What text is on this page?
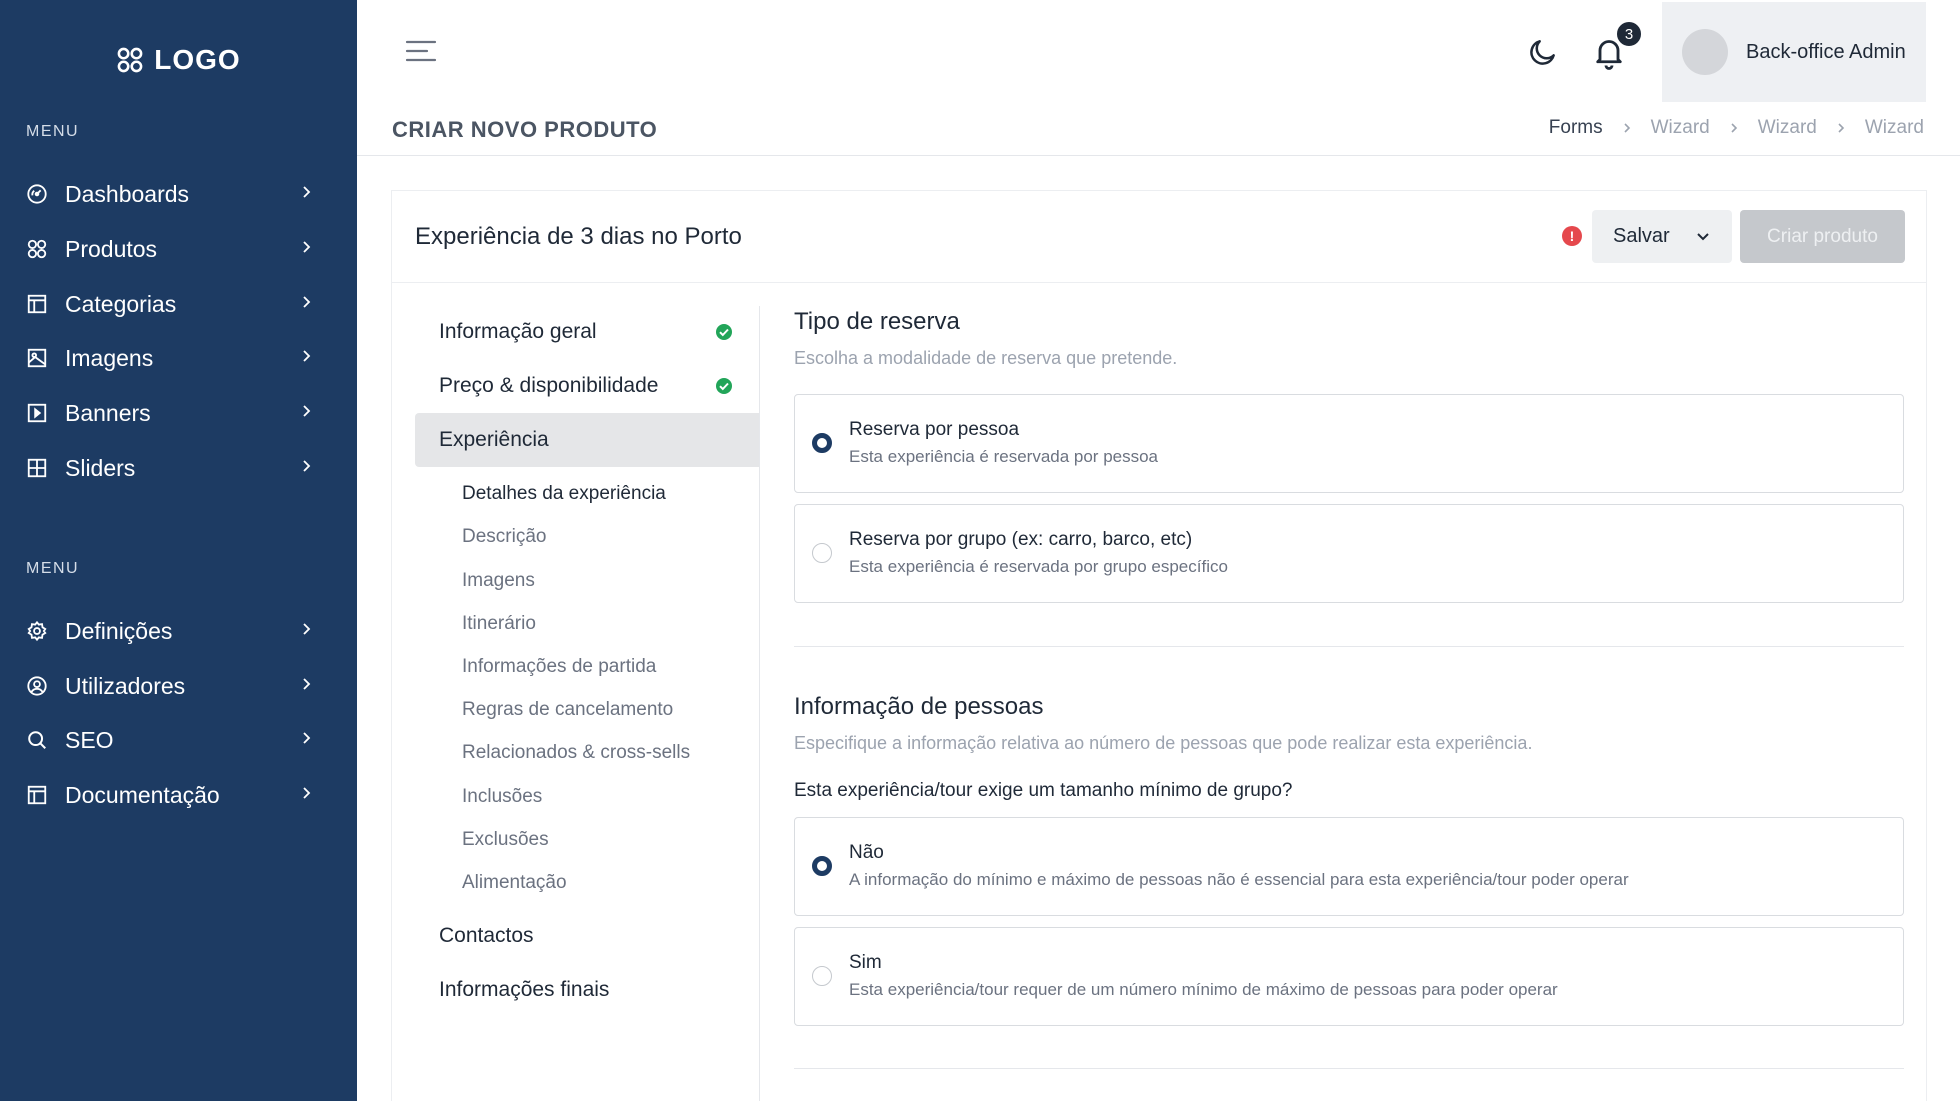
LOGO
MENU
Dashboards
Produtos
Categorias
Imagens
Banners
Sliders
MENU
Definições
Utilizadores
SEO
Documentação
3
Back-office Admin
CRIAR NOVO PRODUTO	Forms	Wizard	Wizard	Wizard
Experiência de 3 dias no Porto	!	Salvar	Criar produto
Informação geral
Preço & disponibilidade
Experiência
Detalhes da experiência
Descrição
Imagens
Itinerário
Informações de partida
Regras de cancelamento
Relacionados & cross-sells
Inclusões
Exclusões
Alimentação
Contactos
Informações finais
Tipo de reserva
Escolha a modalidade de reserva que pretende.
Reserva por pessoa
Esta experiência é reservada por pessoa
Reserva por grupo (ex: carro, barco, etc)
Esta experiência é reservada por grupo específico
Informação de pessoas
Especifique a informação relativa ao número de pessoas que pode realizar esta experiência.
Esta experiência/tour exige um tamanho mínimo de grupo?
Não
A informação do mínimo e máximo de pessoas não é essencial para esta experiência/tour poder operar
Sim
Esta experiência/tour requer de um número mínimo de máximo de pessoas para poder operar
